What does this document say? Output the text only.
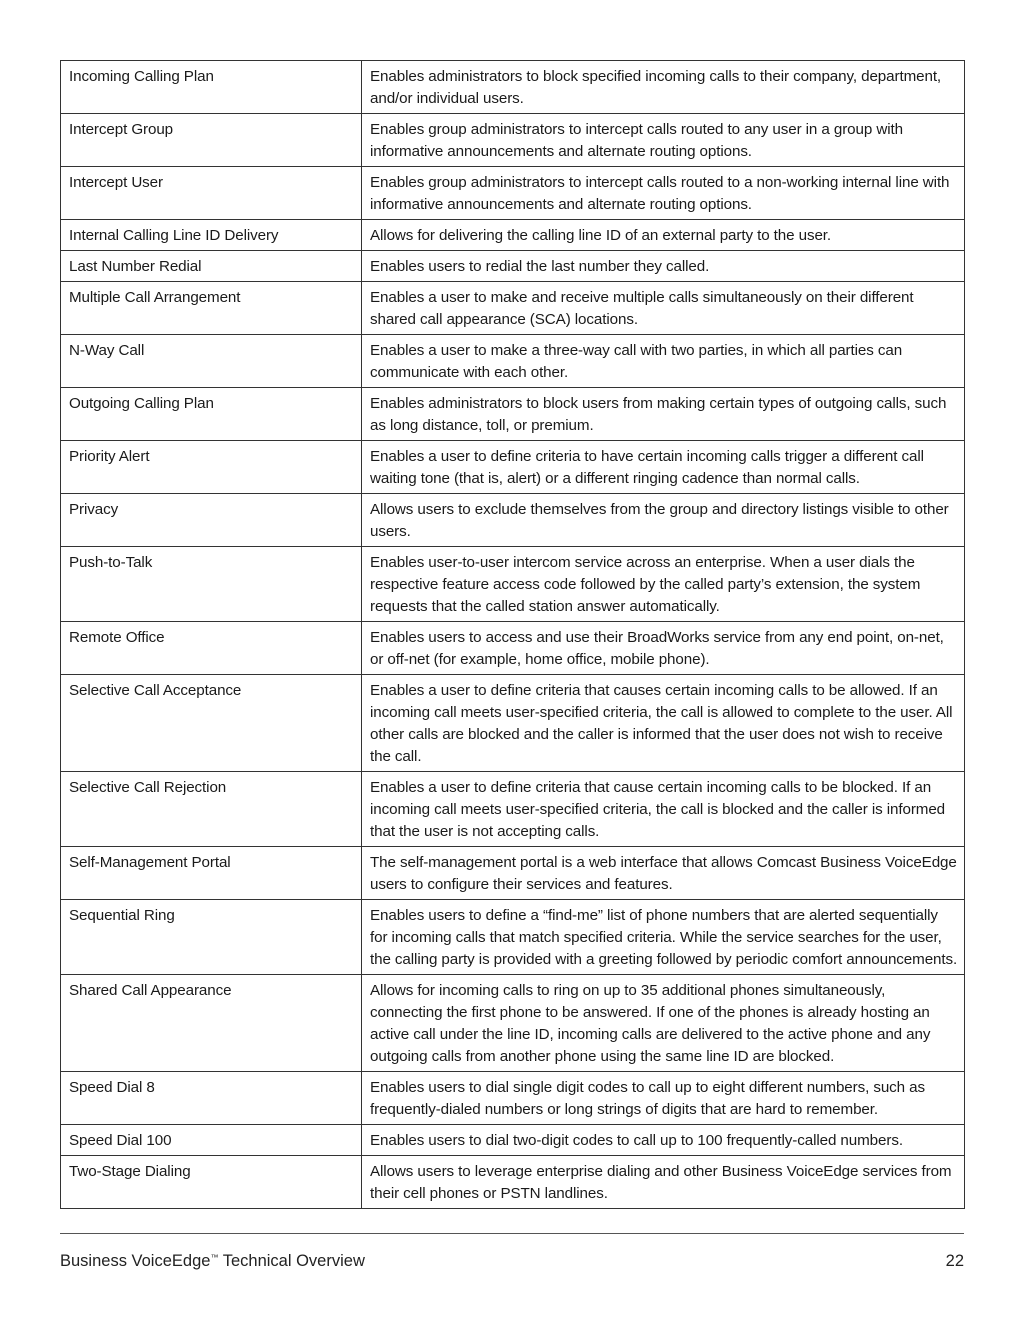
Incoming Calling Plan	Enables administrators to block specified incoming calls to their company, department, and/or individual users.
Intercept Group	Enables group administrators to intercept calls routed to any user in a group with informative announcements and alternate routing options.
Intercept User	Enables group administrators to intercept calls routed to a non-working internal line with informative announcements and alternate routing options.
Internal Calling Line ID Delivery	Allows for delivering the calling line ID of an external party to the user.
Last Number Redial	Enables users to redial the last number they called.
Multiple Call Arrangement	Enables a user to make and receive multiple calls simultaneously on their different shared call appearance (SCA) locations.
N-Way Call	Enables a user to make a three-way call with two parties, in which all parties can communicate with each other.
Outgoing Calling Plan	Enables administrators to block users from making certain types of outgoing calls, such as long distance, toll, or premium.
Priority Alert	Enables a user to define criteria to have certain incoming calls trigger a different call waiting tone (that is, alert) or a different ringing cadence than normal calls.
Privacy	Allows users to exclude themselves from the group and directory listings visible to other users.
Push-to-Talk	Enables user-to-user intercom service across an enterprise. When a user dials the respective feature access code followed by the called party’s extension, the system requests that the called station answer automatically.
Remote Office	Enables users to access and use their BroadWorks service from any end point, on-net, or off-net (for example, home office, mobile phone).
Selective Call Acceptance	Enables a user to define criteria that causes certain incoming calls to be allowed. If an incoming call meets user-specified criteria, the call is allowed to complete to the user. All other calls are blocked and the caller is informed that the user does not wish to receive the call.
Selective Call Rejection	Enables a user to define criteria that cause certain incoming calls to be blocked. If an incoming call meets user-specified criteria, the call is blocked and the caller is informed that the user is not accepting calls.
Self-Management Portal	The self-management portal is a web interface that allows Comcast Business VoiceEdge users to configure their services and features.
Sequential Ring	Enables users to define a “find-me” list of phone numbers that are alerted sequentially for incoming calls that match specified criteria. While the service searches for the user, the calling party is provided with a greeting followed by periodic comfort announcements.
Shared Call Appearance	Allows for incoming calls to ring on up to 35 additional phones simultaneously, connecting the first phone to be answered. If one of the phones is already hosting an active call under the line ID, incoming calls are delivered to the active phone and any outgoing calls from another phone using the same line ID are blocked.
Speed Dial 8	Enables users to dial single digit codes to call up to eight different numbers, such as frequently-dialed numbers or long strings of digits that are hard to remember.
Speed Dial 100	Enables users to dial two-digit codes to call up to 100 frequently-called numbers.
Two-Stage Dialing	Allows users to leverage enterprise dialing and other Business VoiceEdge services from their cell phones or PSTN landlines.
Business VoiceEdge™ Technical Overview	22
